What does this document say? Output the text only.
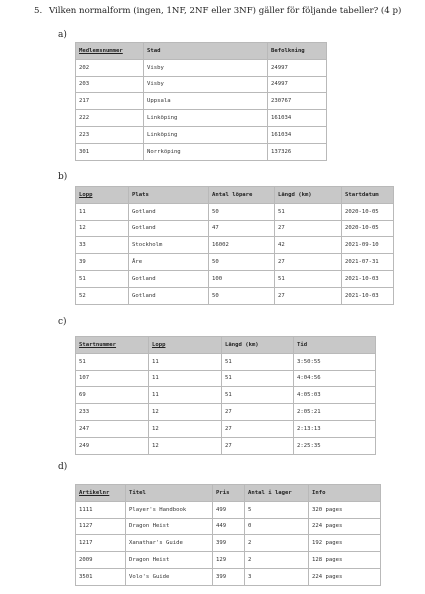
5. Vilken normalform (ingen, 1NF, 2NF eller 3NF) gäller för följande tabeller? (4 p)
a)
Medlemsnummer	Stad	Befolkning
202	Visby	24997
203	Visby	24997
217	Uppsala	230767
222	Linköping	161034
223	Linköping	161034
301	Norrköping	137326
b)
Lopp	Plats	Antal löpare	Längd (km)	Startdatum
11	Gotland	50	51	2020-10-05
12	Gotland	47	27	2020-10-05
33	Stockholm	16002	42	2021-09-10
39	Åre	50	27	2021-07-31
51	Gotland	100	51	2021-10-03
52	Gotland	50	27	2021-10-03
c)
Startnummer	Lopp	Längd (km)	Tid
51	11	51	3:50:55
107	11	51	4:04:56
69	11	51	4:05:03
233	12	27	2:05:21
247	12	27	2:13:13
249	12	27	2:25:35
d)
Artikelnr	Titel	Pris	Antal i lager	Info
1111	Player's Handbook	499	5	320 pages
1127	Dragon Heist	449	0	224 pages
1217	Xanathar's Guide	399	2	192 pages
2009	Dragon Heist	129	2	128 pages
3501	Volo's Guide	399	3	224 pages
